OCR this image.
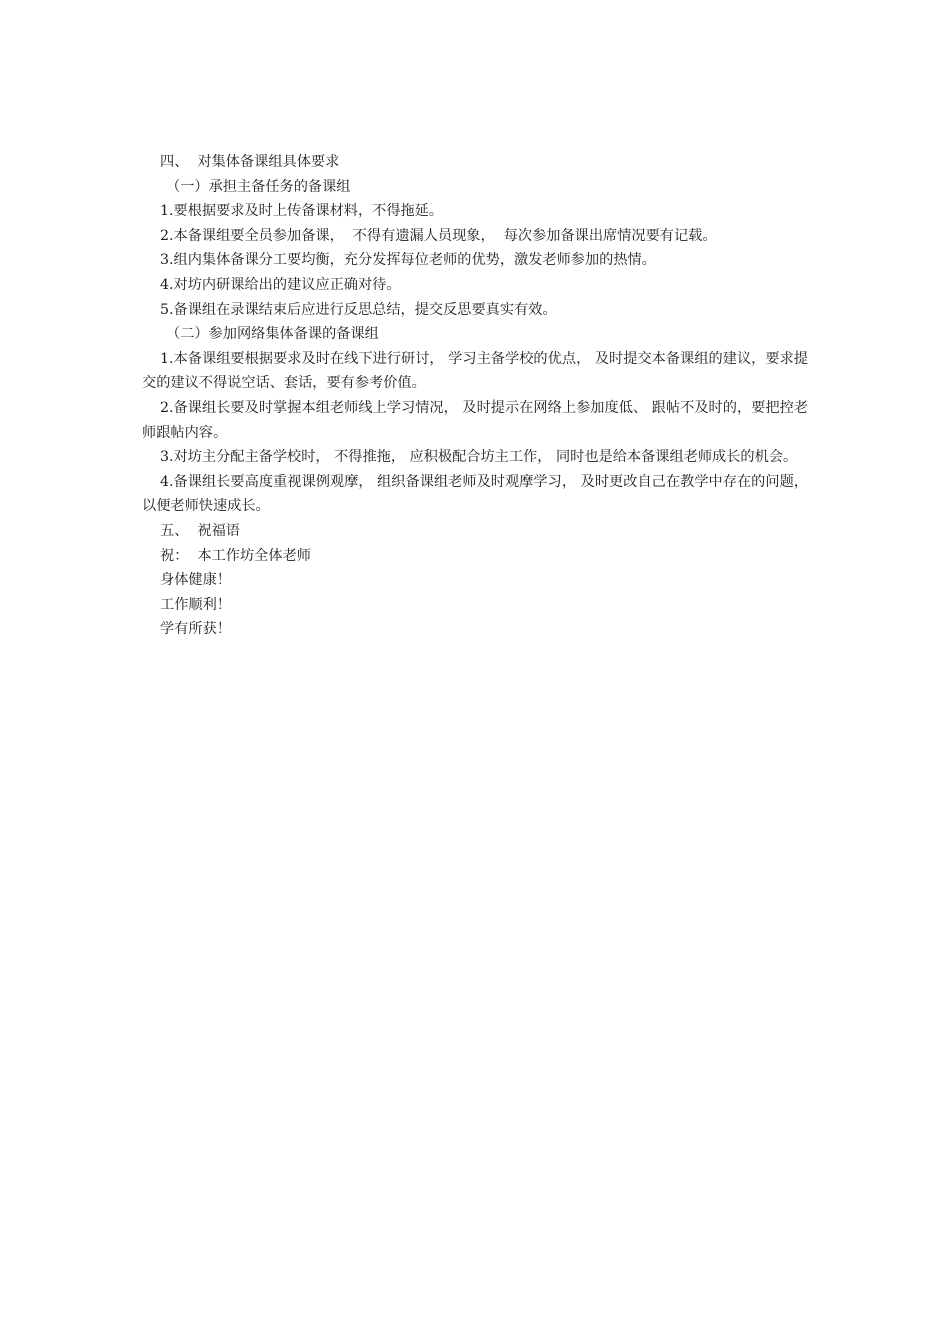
四、  对集体备课组具体要求
（一）承担主备任务的备课组
1.要根据要求及时上传备课材料，不得拖延。
2.本备课组要全员参加备课，  不得有遗漏人员现象，  每次参加备课出席情况要有记载。
3.组内集体备课分工要均衡，充分发挥每位老师的优势，激发老师参加的热情。
4.对坊内研课给出的建议应正确对待。
5.备课组在录课结束后应进行反思总结，提交反思要真实有效。
（二）参加网络集体备课的备课组
1.本备课组要根据要求及时在线下进行研讨， 学习主备学校的优点， 及时提交本备课组的建议，要求提交的建议不得说空话、套话，要有参考价值。
2.备课组长要及时掌握本组老师线上学习情况， 及时提示在网络上参加度低、 跟帖不及时的，要把控老师跟帖内容。
3.对坊主分配主备学校时， 不得推拖， 应积极配合坊主工作， 同时也是给本备课组老师成长的机会。
4.备课组长要高度重视课例观摩， 组织备课组老师及时观摩学习， 及时更改自己在教学中存在的问题，以便老师快速成长。
五、  祝福语
祝：  本工作坊全体老师
身体健康！
工作顺利！
学有所获！
